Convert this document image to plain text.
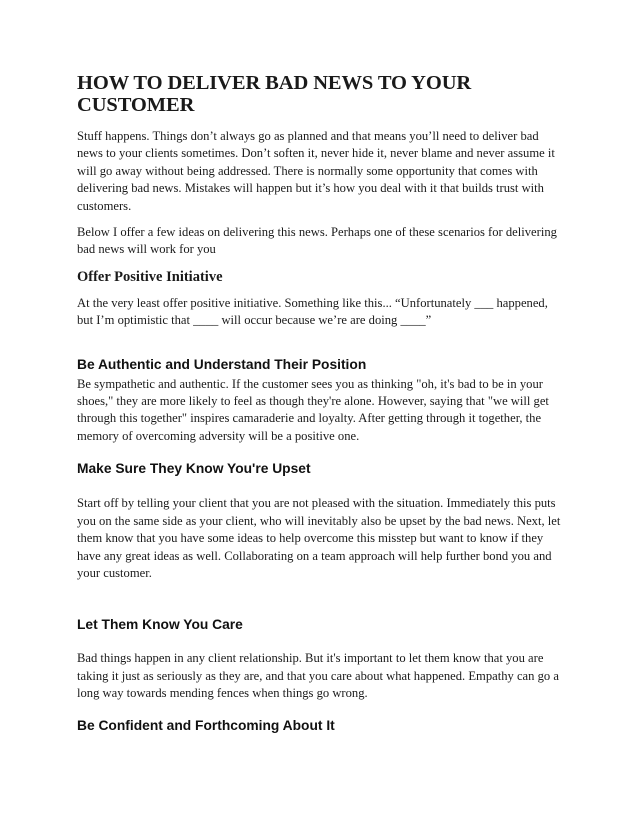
HOW TO DELIVER BAD NEWS TO YOUR CUSTOMER

Stuff happens. Things don’t always go as planned and that means you’ll need to deliver bad news to your clients sometimes. Don’t soften it, never hide it, never blame and never assume it will go away without being addressed. There is normally some opportunity that comes with delivering bad news. Mistakes will happen but it’s how you deal with it that builds trust with customers.

Below I offer a few ideas on delivering this news. Perhaps one of these scenarios for delivering bad news will work for you

Offer Positive Initiative

At the very least offer positive initiative. Something like this... “Unfortunately ___ happened, but I’m optimistic that ____ will occur because we’re are doing ____”

Be Authentic and Understand Their Position

Be sympathetic and authentic. If the customer sees you as thinking "oh, it's bad to be in your shoes," they are more likely to feel as though they're alone. However, saying that "we will get through this together" inspires camaraderie and loyalty. After getting through it together, the memory of overcoming adversity will be a positive one.

Make Sure They Know You're Upset

Start off by telling your client that you are not pleased with the situation. Immediately this puts you on the same side as your client, who will inevitably also be upset by the bad news. Next, let them know that you have some ideas to help overcome this misstep but want to know if they have any great ideas as well. Collaborating on a team approach will help further bond you and your customer.

Let Them Know You Care

Bad things happen in any client relationship. But it's important to let them know that you are taking it just as seriously as they are, and that you care about what happened. Empathy can go a long way towards mending fences when things go wrong.

Be Confident and Forthcoming About It
